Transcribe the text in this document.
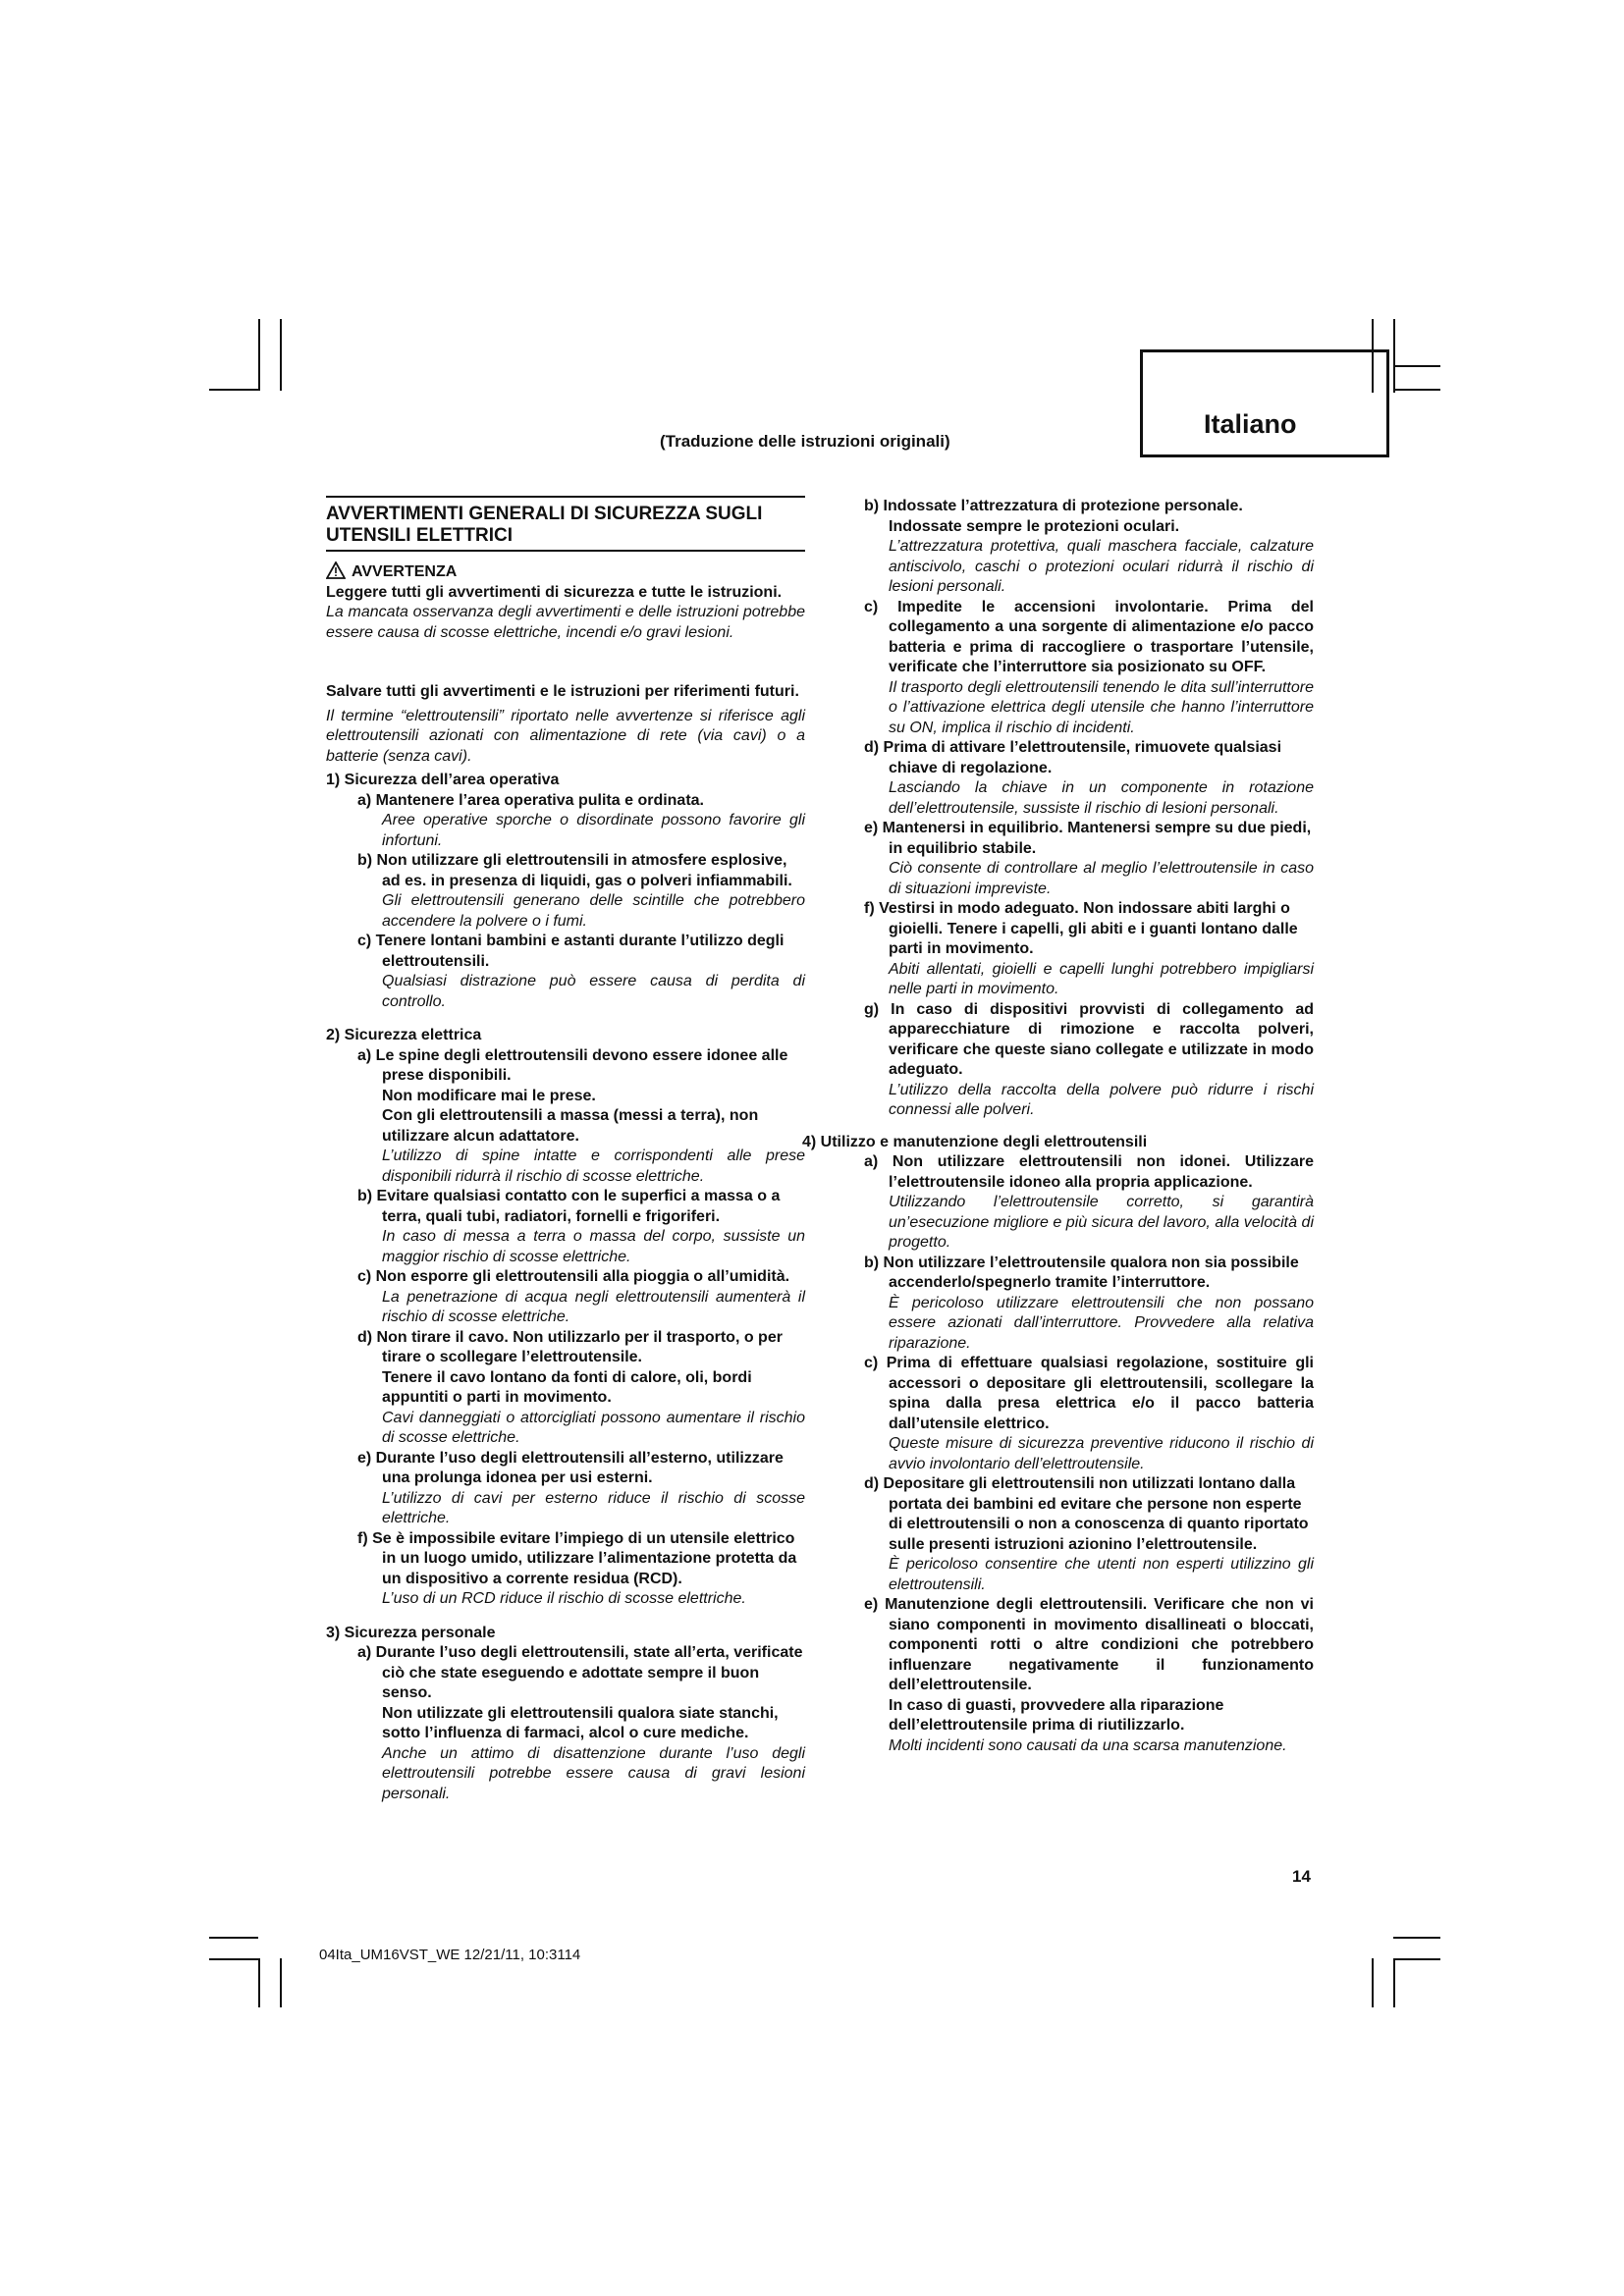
Italiano
(Traduzione delle istruzioni originali)
AVVERTIMENTI GENERALI DI SICUREZZA SUGLI UTENSILI ELETTRICI
AVVERTENZA

Leggere tutti gli avvertimenti di sicurezza e tutte le istruzioni.

La mancata osservanza degli avvertimenti e delle istruzioni potrebbe essere causa di scosse elettriche, incendi e/o gravi lesioni.

Salvare tutti gli avvertimenti e le istruzioni per riferimenti futuri.

Il termine “elettroutensili” riportato nelle avvertenze si riferisce agli elettroutensili azionati con alimentazione di rete (via cavi) o a batterie (senza cavi).

1) Sicurezza dell’area operativa

a) Mantenere l’area operativa pulita e ordinata.

Aree operative sporche o disordinate possono favorire gli infortuni.

b) Non utilizzare gli elettroutensili in atmosfere esplosive, ad es. in presenza di liquidi, gas o polveri infiammabili.

Gli elettroutensili generano delle scintille che potrebbero accendere la polvere o i fumi.

c) Tenere lontani bambini e astanti durante l’utilizzo degli elettroutensili.

Qualsiasi distrazione può essere causa di perdita di controllo.

2) Sicurezza elettrica

a) Le spine degli elettroutensili devono essere idonee alle prese disponibili.

Non modificare mai le prese.

Con gli elettroutensili a massa (messi a terra), non utilizzare alcun adattatore.

L’utilizzo di spine intatte e corrispondenti alle prese disponibili ridurrà il rischio di scosse elettriche.

b) Evitare qualsiasi contatto con le superfici a massa o a terra, quali tubi, radiatori, fornelli e frigoriferi.

In caso di messa a terra o massa del corpo, sussiste un maggior rischio di scosse elettriche.

c) Non esporre gli elettroutensili alla pioggia o all’umidità.

La penetrazione di acqua negli elettroutensili aumenterà il rischio di scosse elettriche.

d) Non tirare il cavo. Non utilizzarlo per il trasporto, o per tirare o scollegare l’elettroutensile.

Tenere il cavo lontano da fonti di calore, oli, bordi appuntiti o parti in movimento.

Cavi danneggiati o attorcigliati possono aumentare il rischio di scosse elettriche.

e) Durante l’uso degli elettroutensili all’esterno, utilizzare una prolunga idonea per usi esterni.

L’utilizzo di cavi per esterno riduce il rischio di scosse elettriche.

f) Se è impossibile evitare l’impiego di un utensile elettrico in un luogo umido, utilizzare l’alimentazione protetta da un dispositivo a corrente residua (RCD).

L’uso di un RCD riduce il rischio di scosse elettriche.

3) Sicurezza personale

a) Durante l’uso degli elettroutensili, state all’erta, verificate ciò che state eseguendo e adottate sempre il buon senso.

Non utilizzate gli elettroutensili qualora siate stanchi, sotto l’influenza di farmaci, alcol o cure mediche.

Anche un attimo di disattenzione durante l’uso degli elettroutensili potrebbe essere causa di gravi lesioni personali.

b) Indossate l’attrezzatura di protezione personale.

Indossate sempre le protezioni oculari.

L’attrezzatura protettiva, quali maschera facciale, calzature antiscivolo, caschi o protezioni oculari ridurrà il rischio di lesioni personali.

c) Impedite le accensioni involontarie. Prima del collegamento a una sorgente di alimentazione e/o pacco batteria e prima di raccogliere o trasportare l’utensile, verificate che l’interruttore sia posizionato su OFF.

Il trasporto degli elettroutensili tenendo le dita sull’interruttore o l’attivazione elettrica degli utensile che hanno l’interruttore su ON, implica il rischio di incidenti.

d) Prima di attivare l’elettroutensile, rimuovete qualsiasi chiave di regolazione.

Lasciando la chiave in un componente in rotazione dell’elettroutensile, sussiste il rischio di lesioni personali.

e) Mantenersi in equilibrio. Mantenersi sempre su due piedi, in equilibrio stabile.

Ciò consente di controllare al meglio l’elettroutensile in caso di situazioni impreviste.

f) Vestirsi in modo adeguato. Non indossare abiti larghi o gioielli. Tenere i capelli, gli abiti e i guanti lontano dalle parti in movimento.

Abiti allentati, gioielli e capelli lunghi potrebbero impigliarsi nelle parti in movimento.

g) In caso di dispositivi provvisti di collegamento ad apparecchiature di rimozione e raccolta polveri, verificare che queste siano collegate e utilizzate in modo adeguato.

L’utilizzo della raccolta della polvere può ridurre i rischi connessi alle polveri.

4) Utilizzo e manutenzione degli elettroutensili

a) Non utilizzare elettroutensili non idonei. Utilizzare l’elettroutensile idoneo alla propria applicazione.

Utilizzando l’elettroutensile corretto, si garantirà un’esecuzione migliore e più sicura del lavoro, alla velocità di progetto.

b) Non utilizzare l’elettroutensile qualora non sia possibile accenderlo/spegnerlo tramite l’interruttore.

È pericoloso utilizzare elettroutensili che non possano essere azionati dall’interruttore. Provvedere alla relativa riparazione.

c) Prima di effettuare qualsiasi regolazione, sostituire gli accessori o depositare gli elettroutensili, scollegare la spina dalla presa elettrica e/o il pacco batteria dall’utensile elettrico.

Queste misure di sicurezza preventive riducono il rischio di avvio involontario dell’elettroutensile.

d) Depositare gli elettroutensili non utilizzati lontano dalla portata dei bambini ed evitare che persone non esperte di elettroutensili o non a conoscenza di quanto riportato sulle presenti istruzioni azionino l’elettroutensile.

È pericoloso consentire che utenti non esperti utilizzino gli elettroutensili.

e) Manutenzione degli elettroutensili. Verificare che non vi siano componenti in movimento disallineati o bloccati, componenti rotti o altre condizioni che potrebbero influenzare negativamente il funzionamento dell’elettroutensile.

In caso di guasti, provvedere alla riparazione dell’elettroutensile prima di riutilizzarlo.

Molti incidenti sono causati da una scarsa manutenzione.

14
04Ita_UM16VST_WE 12/21/11, 10:3114
